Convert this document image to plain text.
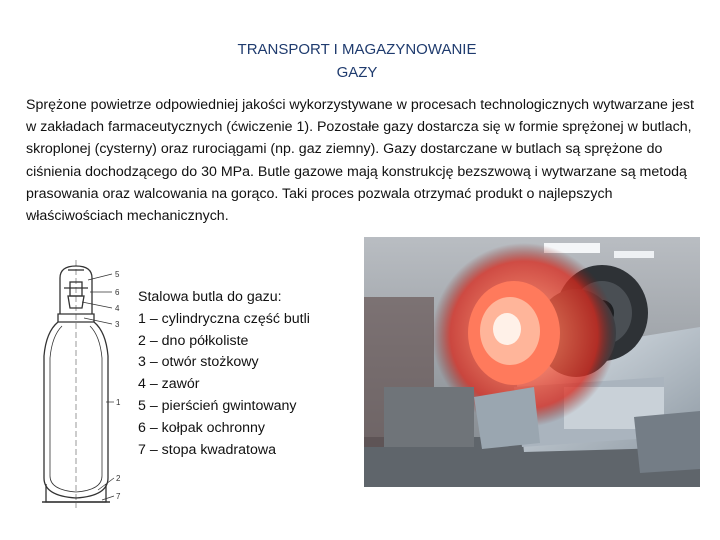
TRANSPORT I MAGAZYNOWANIE
GAZY
Sprężone powietrze odpowiedniej jakości wykorzystywane w procesach technologicznych wytwarzane jest w zakładach farmaceutycznych (ćwiczenie 1). Pozostałe gazy dostarcza się w formie sprężonej w butlach, skroplonej (cysterny) oraz rurociągami (np. gaz ziemny). Gazy dostarczane w butlach są sprężone do ciśnienia dochodzącego do 30 MPa. Butle gazowe mają konstrukcję bezszwową i wytwarzane są metodą prasowania oraz walcowania na gorąco. Taki proces pozwala otrzymać produkt o najlepszych właściwościach mechanicznych.
5
6
4
3
1
2
7
Stalowa butla do gazu:
1 – cylindryczna część butli
2 – dno półkoliste
3 – otwór stożkowy
4 – zawór
5 – pierścień gwintowany
6 – kołpak ochronny
7 – stopa kwadratowa
